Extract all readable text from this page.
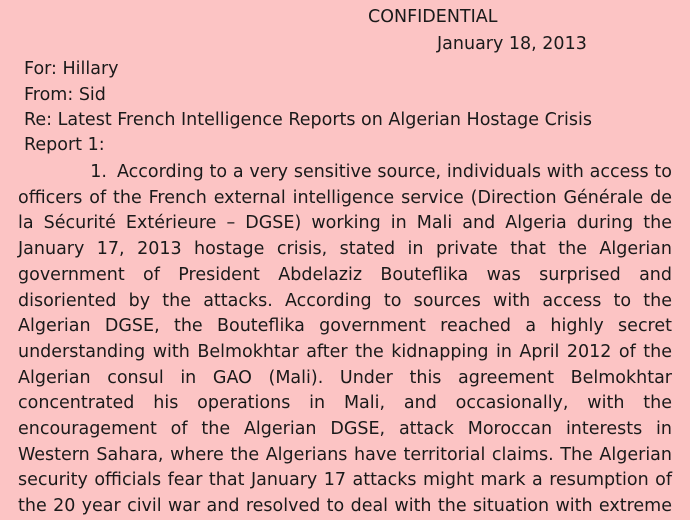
CONFIDENTIAL
January 18, 2013
For: Hillary
From: Sid
Re: Latest French Intelligence Reports on Algerian Hostage Crisis
Report 1:
1. According to a very sensitive source, individuals with access to officers of the French external intelligence service (Direction Générale de la Sécurité Extérieure – DGSE) working in Mali and Algeria during the January 17, 2013 hostage crisis, stated in private that the Algerian government of President Abdelaziz Bouteflika was surprised and disoriented by the attacks. According to sources with access to the Algerian DGSE, the Bouteflika government reached a highly secret understanding with Belmokhtar after the kidnapping in April 2012 of the Algerian consul in GAO (Mali). Under this agreement Belmokhtar concentrated his operations in Mali, and occasionally, with the encouragement of the Algerian DGSE, attack Moroccan interests in Western Sahara, where the Algerians have territorial claims. The Algerian security officials fear that January 17 attacks might mark a resumption of the 20 year civil war and resolved to deal with the situation with extreme
